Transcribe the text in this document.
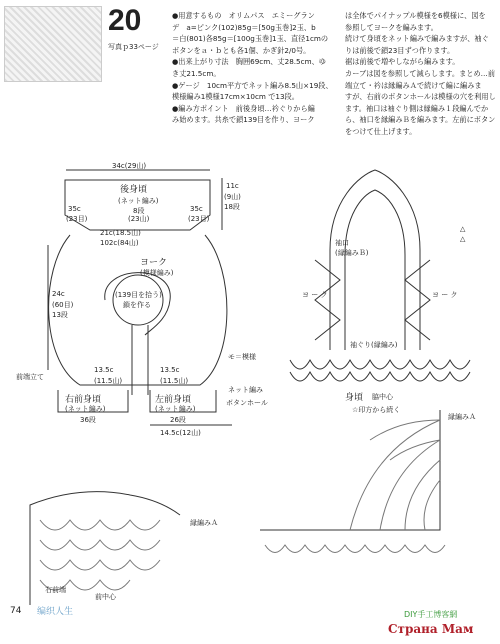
20
写真ｐ33ページ
●用意するもの　オリムパス　エミーグラン
デ　a=ピンク(102)85g＝[50g玉巻]2玉、b
＝白(801)各85g＝[100g玉巻]1玉、直径1cmの
ボタンをａ・ｂとも各1個、かぎ針2/0号。
●出来上がり寸法　胸囲69cm、丈28.5cm、ゆ
き丈21.5cm。
●ゲージ　10cm平方でネット編み8.5山×19段、
模様編み1模様17cm×10cm で13段。
●編み方ポイント　前後身頃…衿ぐりから編
み始めます。共糸で鎖139目を作り、ヨーク
は全体でパイナップル模様を6模様に、図を
参照してヨークを編みます。
続けて身頃をネット編みで編みますが、袖ぐ
りは前後で鎖23目ずつ作ります。
裾は前後で増やしながら編みます。
カーブは図を参照して減らします。まとめ…前
端立て・衿は縁編みＡで続けて編に編みま
すが、右前のボタンホールは模様の穴を利用し
ます。袖口は袖ぐり側は縁編み１段編んでか
ら、袖口を縁編みＢを編みます。左前にボタン
をつけて仕上げます。
34c(29山)
後身頃
(ネット編み)
8段
(23山)
35c
(23目)
35c
(23目)
11c
(9山)
18段
21c(18.5山)
102c(84山)
ヨーク
(模様編み)
(139目を拾う)
鎖を作る
24c
(60目)
13段
13.5c	13.5c
(11.5山)	(11.5山)
右前身頃
(ネット編み)
左前身頃
(ネット編み)
36段	26段
14.5c(12山)
モ＝模様
前端立て
ネット編み
ボタンホール
袖口
(縁編みＢ)
ヨ ー ク	ヨ ー ク
袖ぐり(縁編み)
身頃 脇中心
△
△
☆印方から続く
縁編みＡ
縁編みＡ
右前端
前中心
74 编织人生	DIY手工博客網
Страна Мам
